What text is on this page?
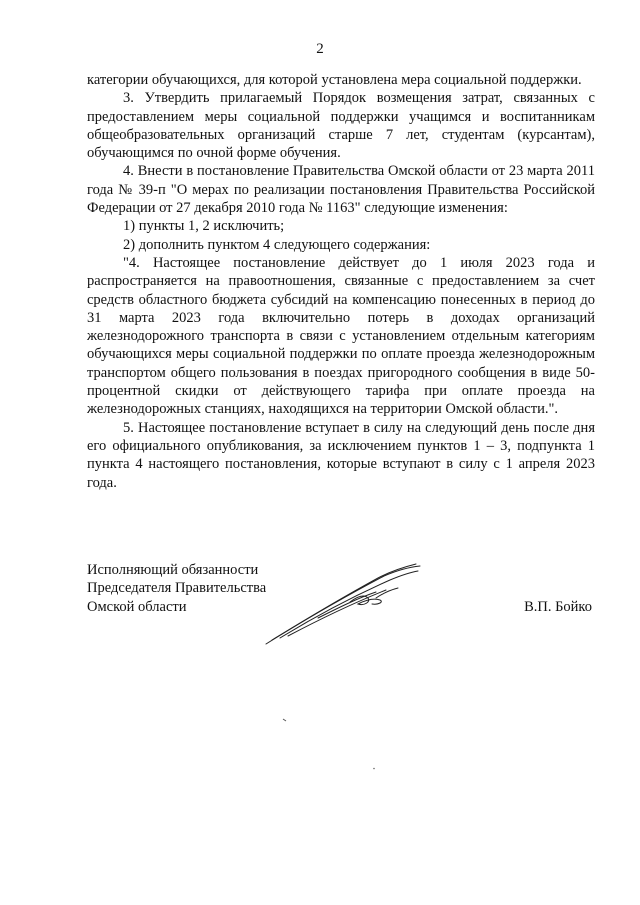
2

категории обучающихся, для которой установлена мера социальной поддержки.

3. Утвердить прилагаемый Порядок возмещения затрат, связанных с предоставлением меры социальной поддержки учащимся и воспитанникам общеобразовательных организаций старше 7 лет, студентам (курсантам), обучающимся по очной форме обучения.

4. Внести в постановление Правительства Омской области от 23 марта 2011 года № 39-п "О мерах по реализации постановления Правительства Российской Федерации от 27 декабря 2010 года № 1163" следующие изменения:

1) пункты 1, 2 исключить;

2) дополнить пунктом 4 следующего содержания:

"4. Настоящее постановление действует до 1 июля 2023 года и распространяется на правоотношения, связанные с предоставлением за счет средств областного бюджета субсидий на компенсацию понесенных в период до 31 марта 2023 года включительно потерь в доходах организаций железнодорожного транспорта в связи с установлением отдельным категориям обучающихся меры социальной поддержки по оплате проезда железнодорожным транспортом общего пользования в поездах пригородного сообщения в виде 50-процентной скидки от действующего тарифа при оплате проезда на железнодорожных станциях, находящихся на территории Омской области.".

5. Настоящее постановление вступает в силу на следующий день после дня его официального опубликования, за исключением пунктов 1 – 3, подпункта 1 пункта 4 настоящего постановления, которые вступают в силу с 1 апреля 2023 года.

Исполняющий обязанности
Председателя Правительства
Омской области	В.П. Бойко
